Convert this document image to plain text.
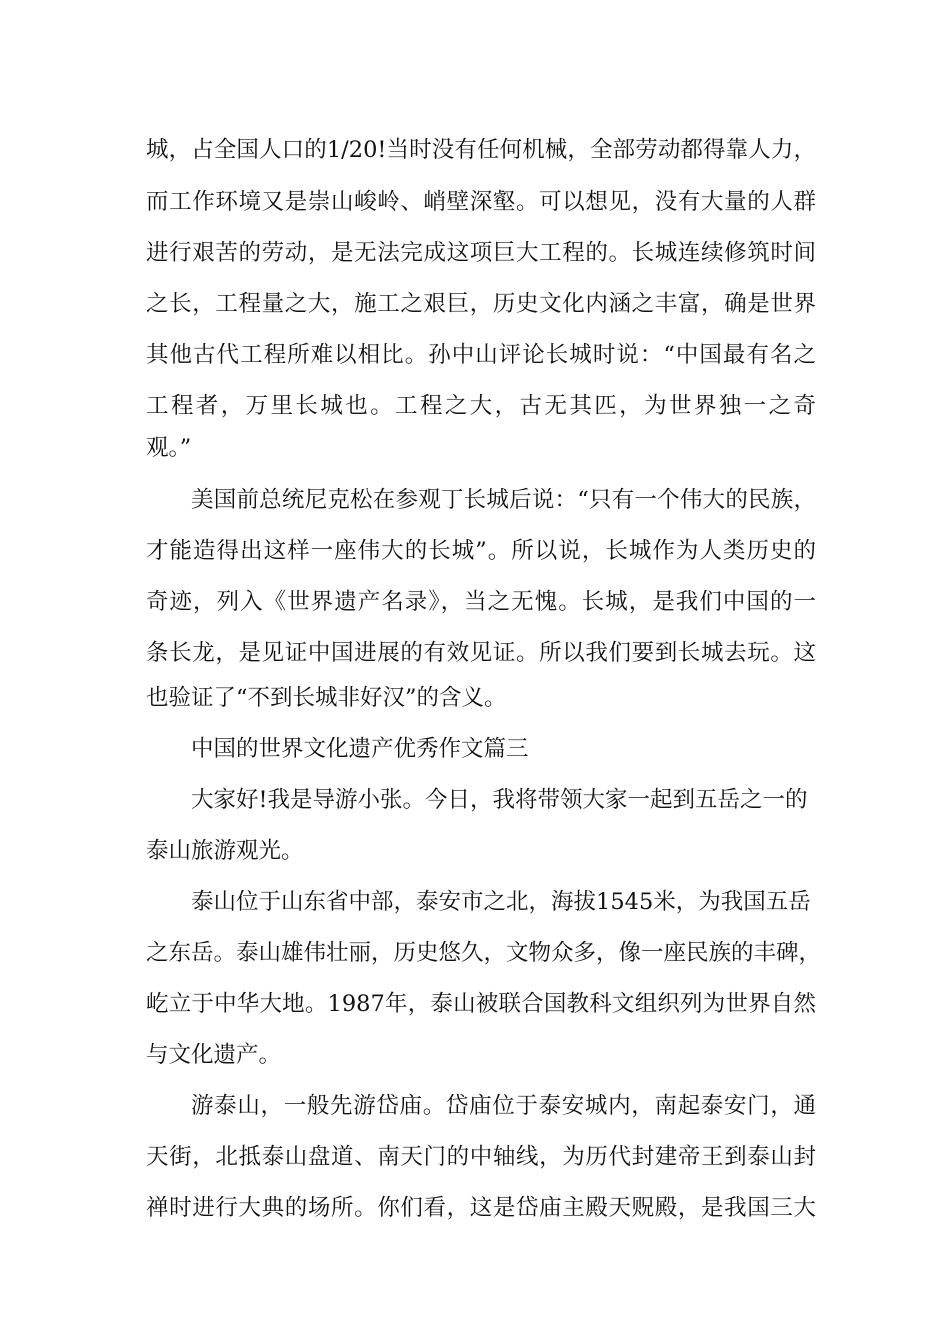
城，占全国人口的1/20!当时没有任何机械，全部劳动都得靠人力，
而工作环境又是崇山峻岭、峭壁深壑。可以想见，没有大量的人群
进行艰苦的劳动，是无法完成这项巨大工程的。长城连续修筑时间
之长，工程量之大，施工之艰巨，历史文化内涵之丰富，确是世界
其他古代工程所难以相比。孙中山评论长城时说：“中国最有名之
工程者，万里长城也。工程之大，古无其匹，为世界独一之奇
观。”
美国前总统尼克松在参观丁长城后说：“只有一个伟大的民族，
才能造得出这样一座伟大的长城”。所以说，长城作为人类历史的
奇迹，列入《世界遗产名录》，当之无愧。长城，是我们中国的一
条长龙，是见证中国进展的有效见证。所以我们要到长城去玩。这
也验证了“不到长城非好汉”的含义。
中国的世界文化遗产优秀作文篇三
大家好!我是导游小张。今日，我将带领大家一起到五岳之一的
泰山旅游观光。
泰山位于山东省中部，泰安市之北，海拔1545米，为我国五岳
之东岳。泰山雄伟壮丽，历史悠久，文物众多，像一座民族的丰碑，
屹立于中华大地。1987年，泰山被联合国教科文组织列为世界自然
与文化遗产。
游泰山，一般先游岱庙。岱庙位于泰安城内，南起泰安门，通
天街，北抵泰山盘道、南天门的中轴线，为历代封建帝王到泰山封
禅时进行大典的场所。你们看，这是岱庙主殿天贶殿，是我国三大
